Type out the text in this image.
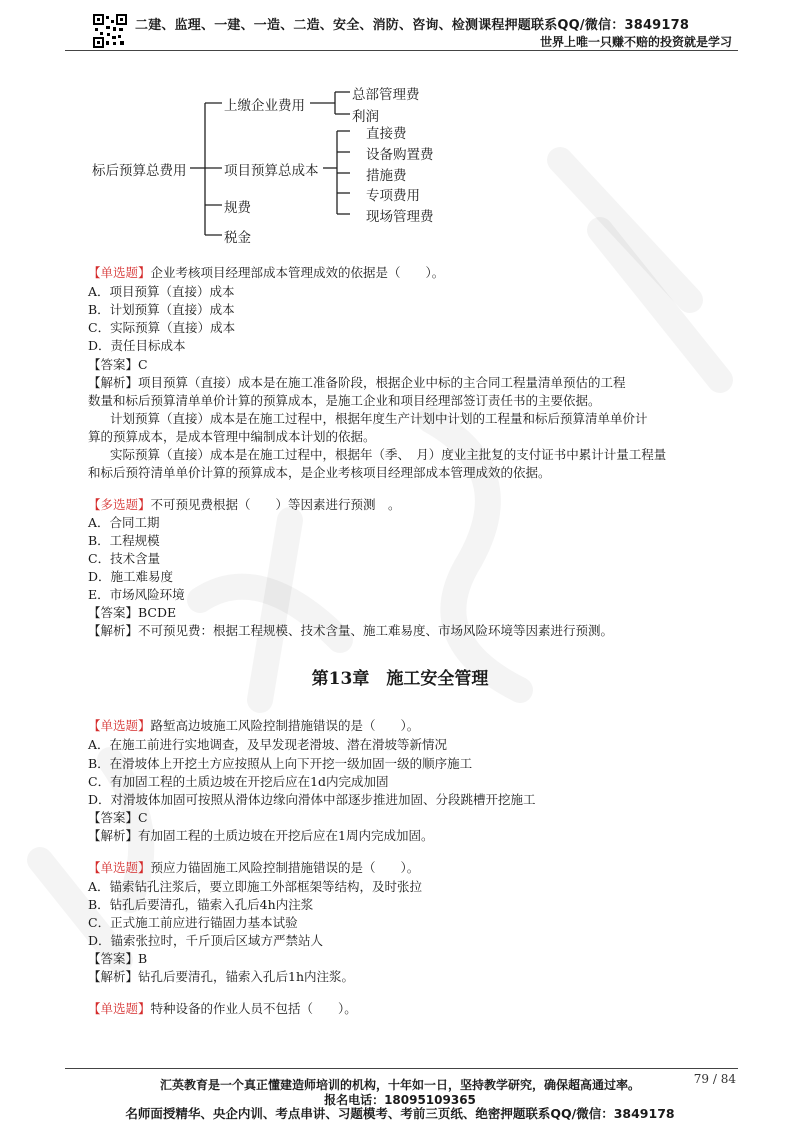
二建、监理、一建、一造、二造、安全、消防、咨询、检测课程押题联系QQ/微信：3849178
世界上唯一只赚不赔的投资就是学习
标后预算总费用
上缴企业费用
项目预算总成本
规费
税金
总部管理费
利润
直接费
设备购置费
措施费
专项费用
现场管理费
【单选题】企业考核项目经理部成本管理成效的依据是（　　）。
A．项目预算（直接）成本
B．计划预算（直接）成本
C．实际预算（直接）成本
D．责任目标成本
【答案】C
【解析】项目预算（直接）成本是在施工准备阶段，根据企业中标的主合同工程量清单预估的工程
数量和标后预算清单单价计算的预算成本，是施工企业和项目经理部签订责任书的主要依据。
计划预算（直接）成本是在施工过程中，根据年度生产计划中计划的工程量和标后预算清单单价计
算的预算成本，是成本管理中编制成本计划的依据。
实际预算（直接）成本是在施工过程中，根据年（季、　月）度业主批复的支付证书中累计计量工程量
和标后预符清单单价计算的预算成本，是企业考核项目经理部成本管理成效的依据。
【多选题】不可预见费根据（　　）等因素进行预测　。
A．合同工期
B．工程规模
C．技术含量
D．施工难易度
E．市场风险环境
【答案】BCDE
【解析】不可预见费：根据工程规模、技术含量、施工难易度、市场风险环境等因素进行预测。
第13章　施工安全管理
【单选题】路堑高边坡施工风险控制措施错误的是（　　）。
A．在施工前进行实地调查，及早发现老滑坡、潜在滑坡等新情况
B．在滑坡体上开挖土方应按照从上向下开挖一级加固一级的顺序施工
C．有加固工程的土质边坡在开挖后应在1d内完成加固
D．对滑坡体加固可按照从滑体边缘向滑体中部逐步推进加固、分段跳槽开挖施工
【答案】C
【解析】有加固工程的土质边坡在开挖后应在1周内完成加固。
【单选题】预应力锚固施工风险控制措施错误的是（　　）。
A．锚索钻孔注浆后，要立即施工外部框架等结构，及时张拉
B．钻孔后要清孔，锚索入孔后4h内注浆
C．正式施工前应进行锚固力基本试验
D．锚索张拉时，千斤顶后区域方严禁站人
【答案】B
【解析】钻孔后要清孔，锚索入孔后1h内注浆。
【单选题】特种设备的作业人员不包括（　　）。
79 / 84
汇英教育是一个真正懂建造师培训的机构，十年如一日，坚持教学研究，确保超高通过率。
报名电话：18095109365
名师面授精华、央企内训、考点串讲、习题模考、考前三页纸、绝密押题联系QQ/微信：3849178
